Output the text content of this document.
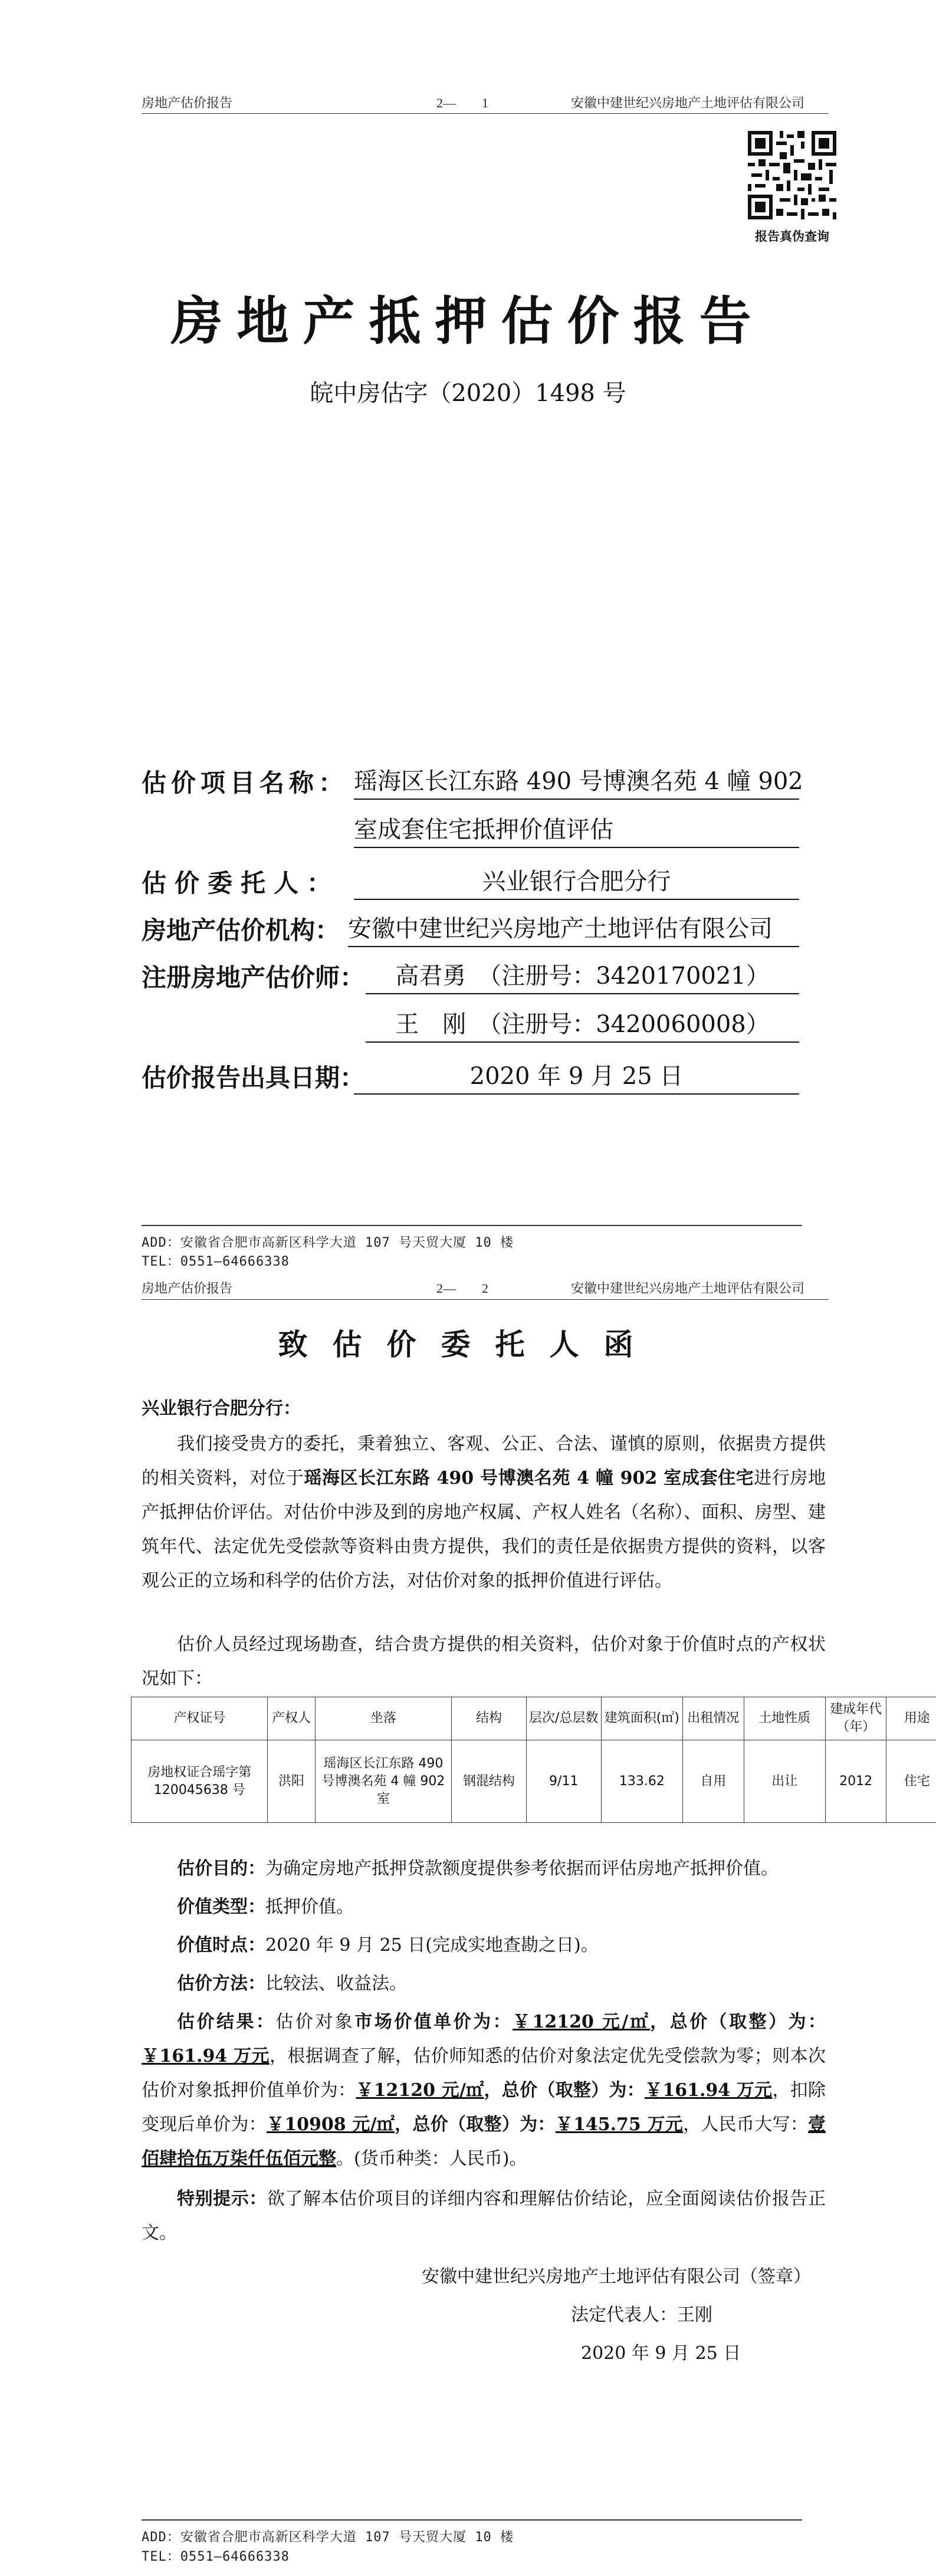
房地产估价报告	2—　　1	安徽中建世纪兴房地产土地评估有限公司
报告真伪查询
房地产抵押估价报告
皖中房估字（2020）1498 号
估价项目名称： 瑶海区长江东路 490 号博澳名苑 4 幢 902
室成套住宅抵押价值评估
估价委托人：	兴业银行合肥分行
房地产估价机构： 安徽中建世纪兴房地产土地评估有限公司
注册房地产估价师：	高君勇　（注册号：3420170021）
王　刚　（注册号：3420060008）
估价报告出具日期：	2020 年 9 月 25 日
ADD：安徽省合肥市高新区科学大道 107 号天贸大厦 10 楼
TEL：0551—64666338
房地产估价报告	2—　　2	安徽中建世纪兴房地产土地评估有限公司
致估价委托人函
兴业银行合肥分行：
我们接受贵方的委托，秉着独立、客观、公正、合法、谨慎的原则，依据贵方提供的相关资料，对位于瑶海区长江东路 490 号博澳名苑 4 幢 902 室成套住宅进行房地产抵押估价评估。对估价中涉及到的房地产权属、产权人姓名（名称）、面积、房型、建筑年代、法定优先受偿款等资料由贵方提供，我们的责任是依据贵方提供的资料，以客观公正的立场和科学的估价方法，对估价对象的抵押价值进行评估。
估价人员经过现场勘查，结合贵方提供的相关资料，估价对象于价值时点的产权状况如下：
产权证号	产权人	坐落	结构	层次/总层数	建筑面积(㎡)	出租情况	土地性质	建成年代（年）	用途
房地权证合瑶字第 120045638 号	洪阳	瑶海区长江东路 490 号博澳名苑 4 幢 902 室	钢混结构	9/11	133.62	自用	出让	2012	住宅
估价目的：为确定房地产抵押贷款额度提供参考依据而评估房地产抵押价值。
价值类型：抵押价值。
价值时点：2020 年 9 月 25 日(完成实地查勘之日)。
估价方法：比较法、收益法。
估价结果：估价对象市场价值单价为：￥12120 元/㎡，总价（取整）为：￥161.94 万元，根据调查了解，估价师知悉的估价对象法定优先受偿款为零；则本次估价对象抵押价值单价为：￥12120 元/㎡，总价（取整）为：￥161.94 万元，扣除变现后单价为：￥10908 元/㎡，总价（取整）为：￥145.75 万元，人民币大写：壹佰肆拾伍万柒仟伍佰元整。(货币种类：人民币)。
特别提示：欲了解本估价项目的详细内容和理解估价结论，应全面阅读估价报告正文。
安徽中建世纪兴房地产土地评估有限公司（签章）
法定代表人：王刚
2020 年 9 月 25 日
ADD：安徽省合肥市高新区科学大道 107 号天贸大厦 10 楼
TEL：0551—64666338
